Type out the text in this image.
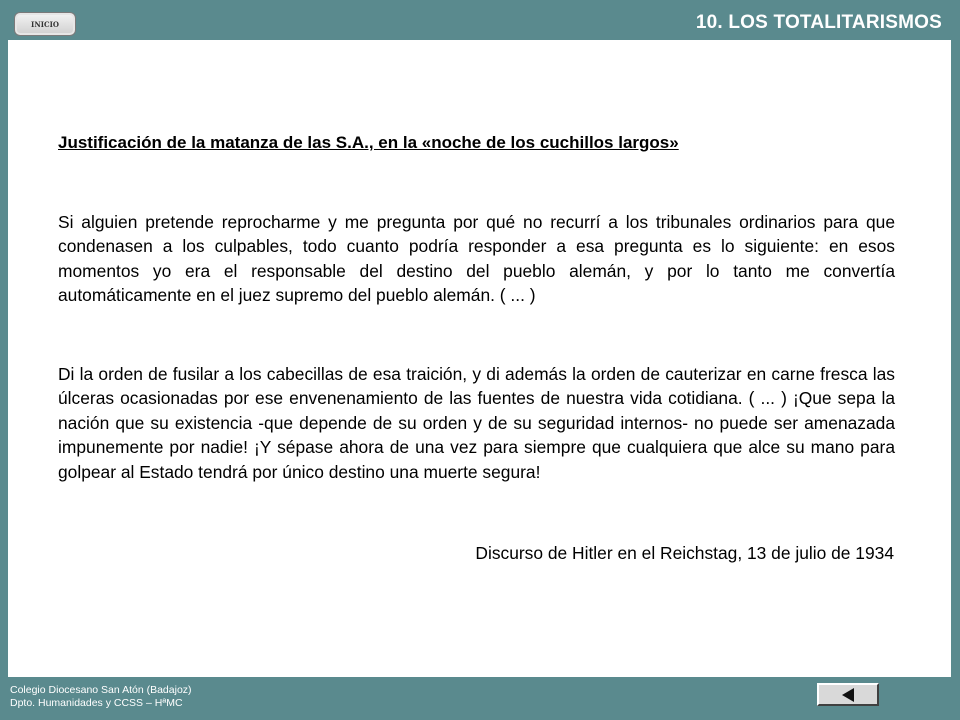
INICIO	10. LOS TOTALITARISMOS
Justificación de la matanza de las S.A., en la «noche de los cuchillos largos»

Si alguien pretende reprocharme y me pregunta por qué no recurrí a los tribunales ordinarios para que condenasen a los culpables, todo cuanto podría responder a esa pregunta es lo siguiente: en esos momentos yo era el responsable del destino del pueblo alemán, y por lo tanto me convertía automáticamente en el juez supremo del pueblo alemán. ( ... )

Di la orden de fusilar a los cabecillas de esa traición, y di además la orden de cauterizar en carne fresca las úlceras ocasionadas por ese envenenamiento de las fuentes de nuestra vida cotidiana. ( ... ) ¡Que sepa la nación que su existencia -que depende de su orden y de su seguridad internos- no puede ser amenazada impunemente por nadie! ¡Y sépase ahora de una vez para siempre que cualquiera que alce su mano para golpear al Estado tendrá por único destino una muerte segura!

Discurso de Hitler en el Reichstag, 13 de julio de 1934

Colegio Diocesano San Atón (Badajoz)
Dpto. Humanidades y CCSS – HªMC
